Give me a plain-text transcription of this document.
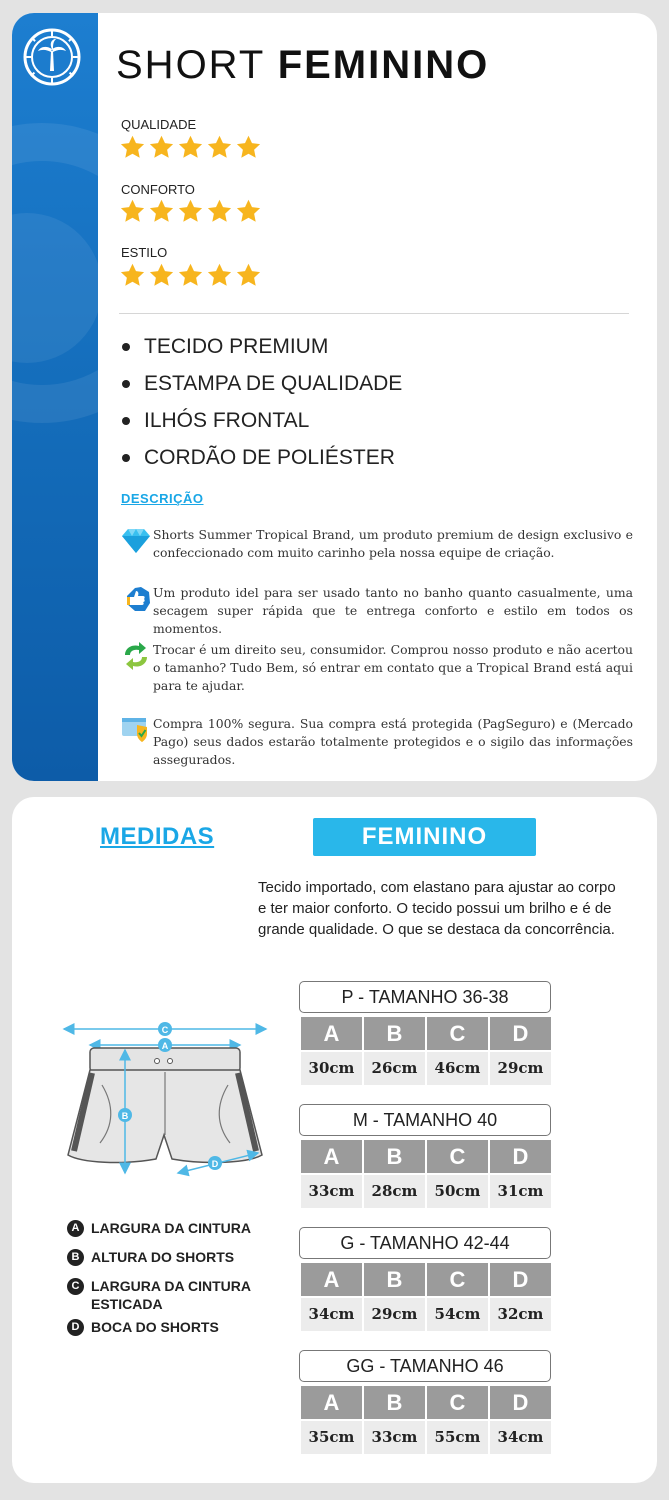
SHORT FEMININO
QUALIDADE
CONFORTO
ESTILO
TECIDO PREMIUM
ESTAMPA DE QUALIDADE
ILHÓS FRONTAL
CORDÃO DE POLIÉSTER
DESCRIÇÃO

Shorts Summer Tropical Brand, um produto premium de design exclusivo e confeccionado com muito carinho pela nossa equipe de criação.

Um produto idel para ser usado tanto no banho quanto casualmente, uma secagem super rápida que te entrega conforto e estilo em todos os momentos.

Trocar é um direito seu, consumidor. Comprou nosso produto e não acertou o tamanho? Tudo Bem, só entrar em contato que a Tropical Brand está aqui para te ajudar.

Compra 100% segura. Sua compra está protegida (PagSeguro) e (Mercado Pago) seus dados estarão totalmente protegidos e o sigilo das informações assegurados.

MEDIDAS	FEMININO
Tecido importado, com elastano para ajustar ao corpo e ter maior conforto. O tecido possui um brilho e é de grande qualidade. O que se destaca da concorrência.
C
A
B
D
A LARGURA DA CINTURA
B ALTURA DO SHORTS
C LARGURA DA CINTURA ESTICADA
D BOCA DO SHORTS
P - TAMANHO 36-38
A	B	C	D
30cm	26cm	46cm	29cm
M - TAMANHO 40
A	B	C	D
33cm	28cm	50cm	31cm
G - TAMANHO 42-44
A	B	C	D
34cm	29cm	54cm	32cm
GG - TAMANHO 46
A	B	C	D
35cm	33cm	55cm	34cm
